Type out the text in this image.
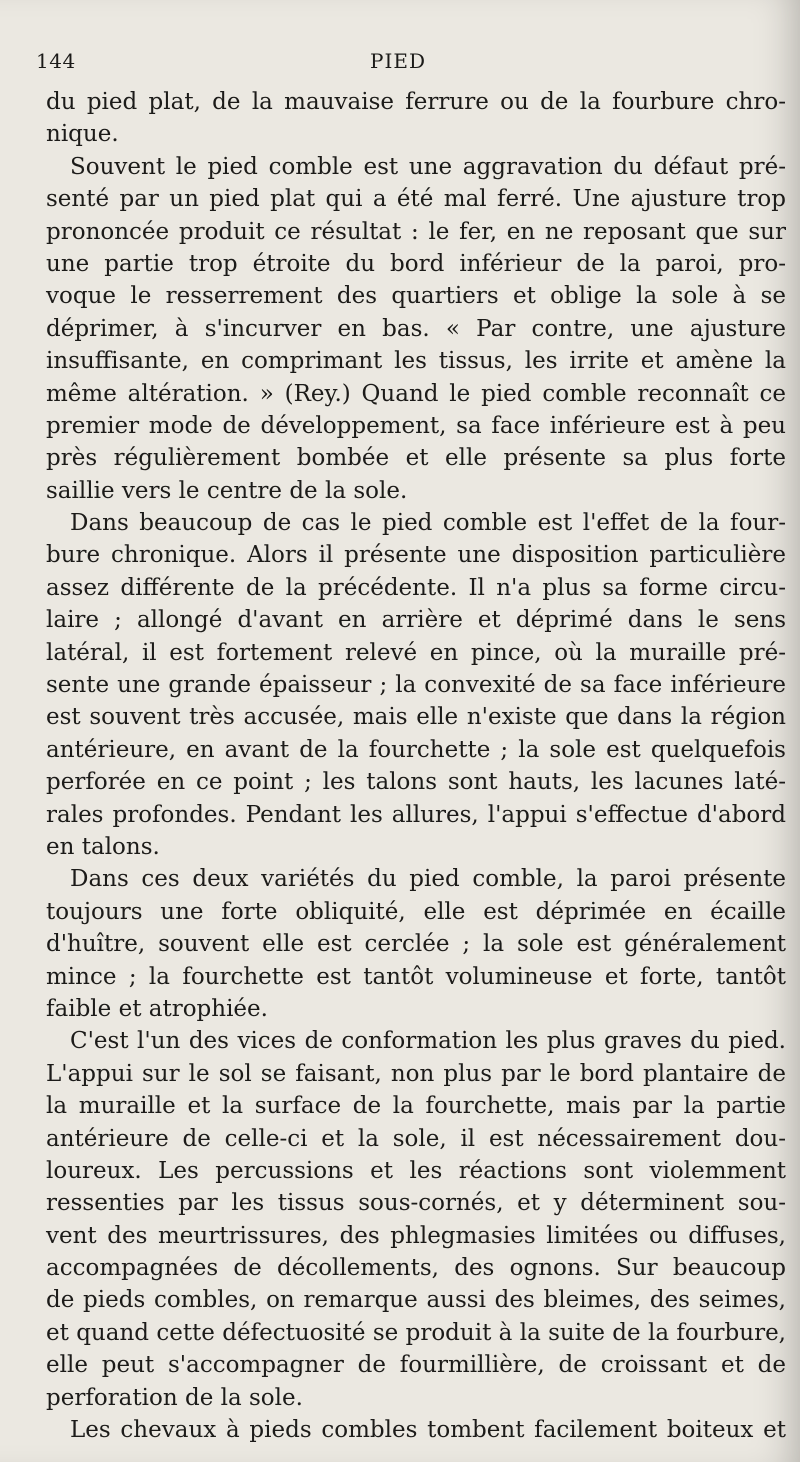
144	PIED
du pied plat, de la mauvaise ferrure ou de la fourbure chro-
nique.
Souvent le pied comble est une aggravation du défaut pré-
senté par un pied plat qui a été mal ferré. Une ajusture trop
prononcée produit ce résultat : le fer, en ne reposant que sur
une partie trop étroite du bord inférieur de la paroi, pro-
voque le resserrement des quartiers et oblige la sole à se
déprimer, à s'incurver en bas. « Par contre, une ajusture
insuffisante, en comprimant les tissus, les irrite et amène la
même altération. » (Rey.) Quand le pied comble reconnaît ce
premier mode de développement, sa face inférieure est à peu
près régulièrement bombée et elle présente sa plus forte
saillie vers le centre de la sole.
Dans beaucoup de cas le pied comble est l'effet de la four-
bure chronique. Alors il présente une disposition particulière
assez différente de la précédente. Il n'a plus sa forme circu-
laire ; allongé d'avant en arrière et déprimé dans le sens
latéral, il est fortement relevé en pince, où la muraille pré-
sente une grande épaisseur ; la convexité de sa face inférieure
est souvent très accusée, mais elle n'existe que dans la région
antérieure, en avant de la fourchette ; la sole est quelquefois
perforée en ce point ; les talons sont hauts, les lacunes laté-
rales profondes. Pendant les allures, l'appui s'effectue d'abord
en talons.
Dans ces deux variétés du pied comble, la paroi présente
toujours une forte obliquité, elle est déprimée en écaille
d'huître, souvent elle est cerclée ; la sole est généralement
mince ; la fourchette est tantôt volumineuse et forte, tantôt
faible et atrophiée.
C'est l'un des vices de conformation les plus graves du pied.
L'appui sur le sol se faisant, non plus par le bord plantaire de
la muraille et la surface de la fourchette, mais par la partie
antérieure de celle-ci et la sole, il est nécessairement dou-
loureux. Les percussions et les réactions sont violemment
ressenties par les tissus sous-cornés, et y déterminent sou-
vent des meurtrissures, des phlegmasies limitées ou diffuses,
accompagnées de décollements, des ognons. Sur beaucoup
de pieds combles, on remarque aussi des bleimes, des seimes,
et quand cette défectuosité se produit à la suite de la fourbure,
elle peut s'accompagner de fourmillière, de croissant et de
perforation de la sole.
Les chevaux à pieds combles tombent facilement boiteux et
